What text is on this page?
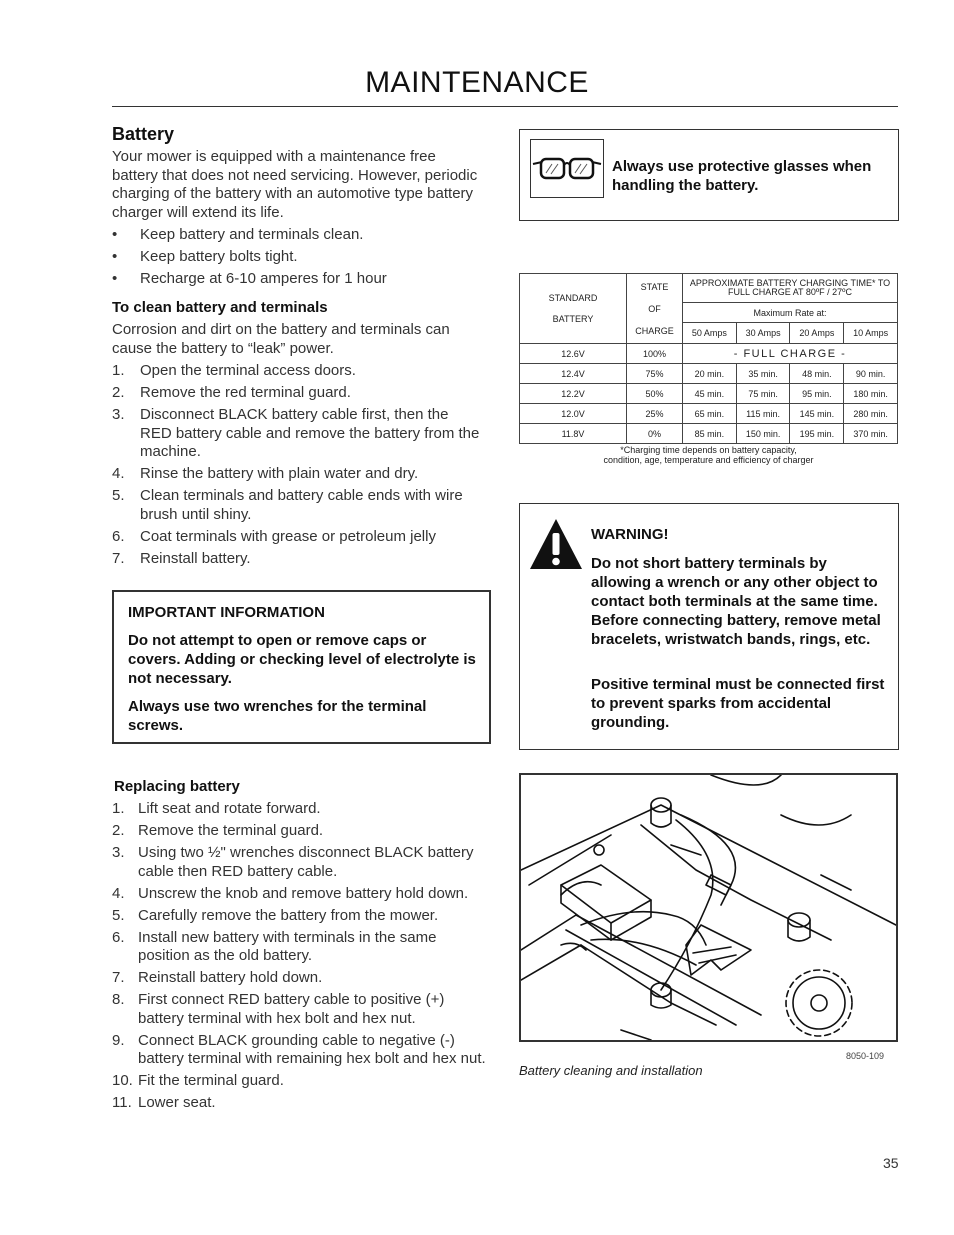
MAINTENANCE
Battery
Your mower is equipped with a maintenance free battery that does not need servicing. However, periodic charging of the battery with an automotive type battery charger will extend its life.
• Keep battery and terminals clean.
• Keep battery bolts tight.
• Recharge at 6-10 amperes for 1 hour
To clean battery and terminals
Corrosion and dirt on the battery and terminals can cause the battery to “leak” power.
1. Open the terminal access doors.
2. Remove the red terminal guard.
3. Disconnect BLACK battery cable first, then the RED battery cable and remove the battery from the machine.
4. Rinse the battery with plain water and dry.
5. Clean terminals and battery cable ends with wire brush until shiny.
6. Coat terminals with grease or petroleum jelly
7. Reinstall battery.
IMPORTANT INFORMATION
Do not attempt to open or remove caps or covers. Adding or checking level of electrolyte is not necessary.
Always use two wrenches for the terminal screws.
Replacing battery
1. Lift seat and rotate forward.
2. Remove the terminal guard.
3. Using two ½" wrenches disconnect BLACK battery cable then RED battery cable.
4. Unscrew the knob and remove battery hold down.
5. Carefully remove the battery from the mower.
6. Install new battery with terminals in the same position as the old battery.
7. Reinstall battery hold down.
8. First connect RED battery cable to positive (+) battery terminal with hex bolt and hex nut.
9. Connect BLACK grounding cable to negative (-) battery terminal with remaining hex bolt and hex nut.
10. Fit the terminal guard.
11. Lower seat.
Always use protective glasses when handling the battery.
STANDARD
BATTERY	STATE
OF
CHARGE	APPROXIMATE BATTERY CHARGING TIME* TO FULL CHARGE AT 80ºF / 27ºC			
		Maximum Rate at:			
		50 Amps	30 Amps	20 Amps	10 Amps
12.6V	100%	- FULL CHARGE -			
12.4V	75%	20 min.	35 min.	48 min.	90 min.
12.2V	50%	45 min.	75 min.	95 min.	180 min.
12.0V	25%	65 min.	115 min.	145 min.	280 min.
11.8V	0%	85 min.	150 min.	195 min.	370 min.
*Charging time depends on battery capacity,
condition, age, temperature and efficiency of charger
WARNING!
Do not short battery terminals by allowing a wrench or any other object to contact both terminals at the same time. Before connecting battery, remove metal bracelets, wristwatch bands, rings, etc.
Positive terminal must be connected first to prevent sparks from accidental grounding.
8050-109
Battery cleaning and installation
35
